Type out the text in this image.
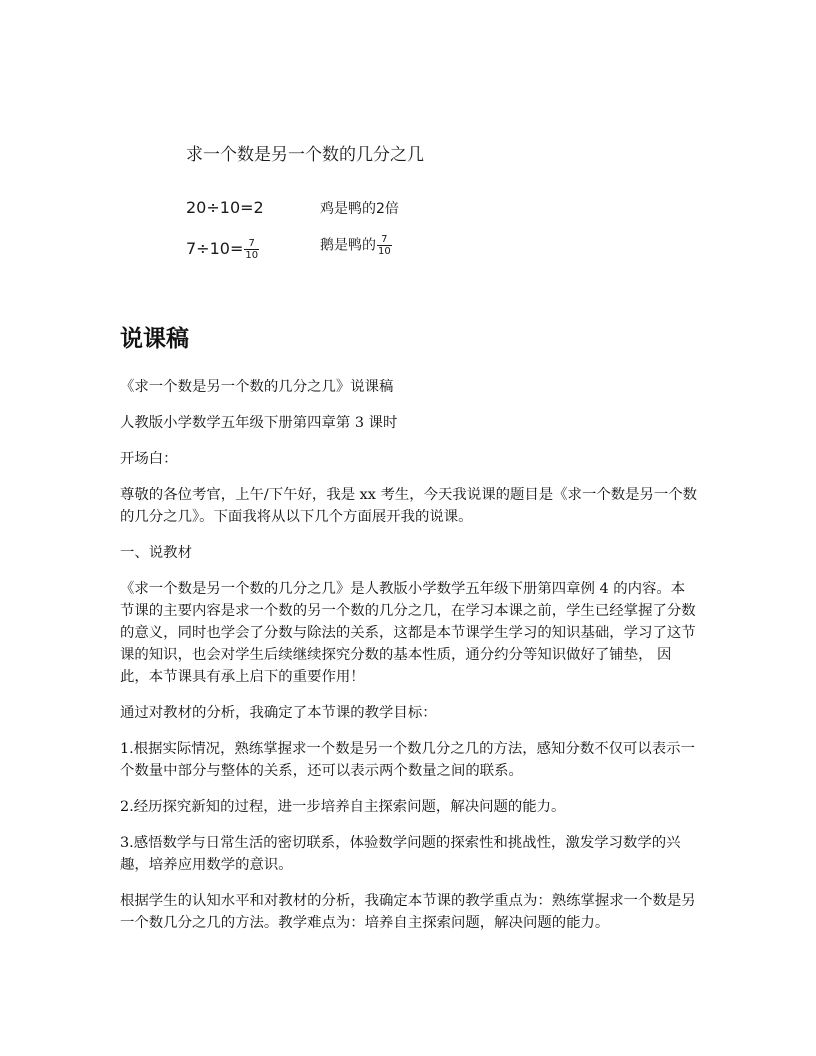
求一个数是另一个数的几分之几
20÷10=2	鸡是鸭的2倍
$7\div 10= \frac{7}{10}$	鹅是鸭的 $\frac{7}{10}$
说课稿

《求一个数是另一个数的几分之几》说课稿

人教版小学数学五年级下册第四章第 3 课时

开场白：

尊敬的各位考官，上午/下午好，我是 xx 考生，今天我说课的题目是《求一个数是另一个数的几分之几》。下面我将从以下几个方面展开我的说课。

一、说教材

《求一个数是另一个数的几分之几》是人教版小学数学五年级下册第四章例 4 的内容。本节课的主要内容是求一个数的另一个数的几分之几，在学习本课之前，学生已经掌握了分数的意义，同时也学会了分数与除法的关系，这都是本节课学生学习的知识基础，学习了这节课的知识，也会对学生后续继续探究分数的基本性质，通分约分等知识做好了铺垫， 因此，本节课具有承上启下的重要作用！

通过对教材的分析，我确定了本节课的教学目标：

1.根据实际情况，熟练掌握求一个数是另一个数几分之几的方法，感知分数不仅可以表示一个数量中部分与整体的关系，还可以表示两个数量之间的联系。

2.经历探究新知的过程，进一步培养自主探索问题，解决问题的能力。

3.感悟数学与日常生活的密切联系，体验数学问题的探索性和挑战性，激发学习数学的兴趣，培养应用数学的意识。

根据学生的认知水平和对教材的分析，我确定本节课的教学重点为：熟练掌握求一个数是另一个数几分之几的方法。教学难点为：培养自主探索问题，解决问题的能力。
